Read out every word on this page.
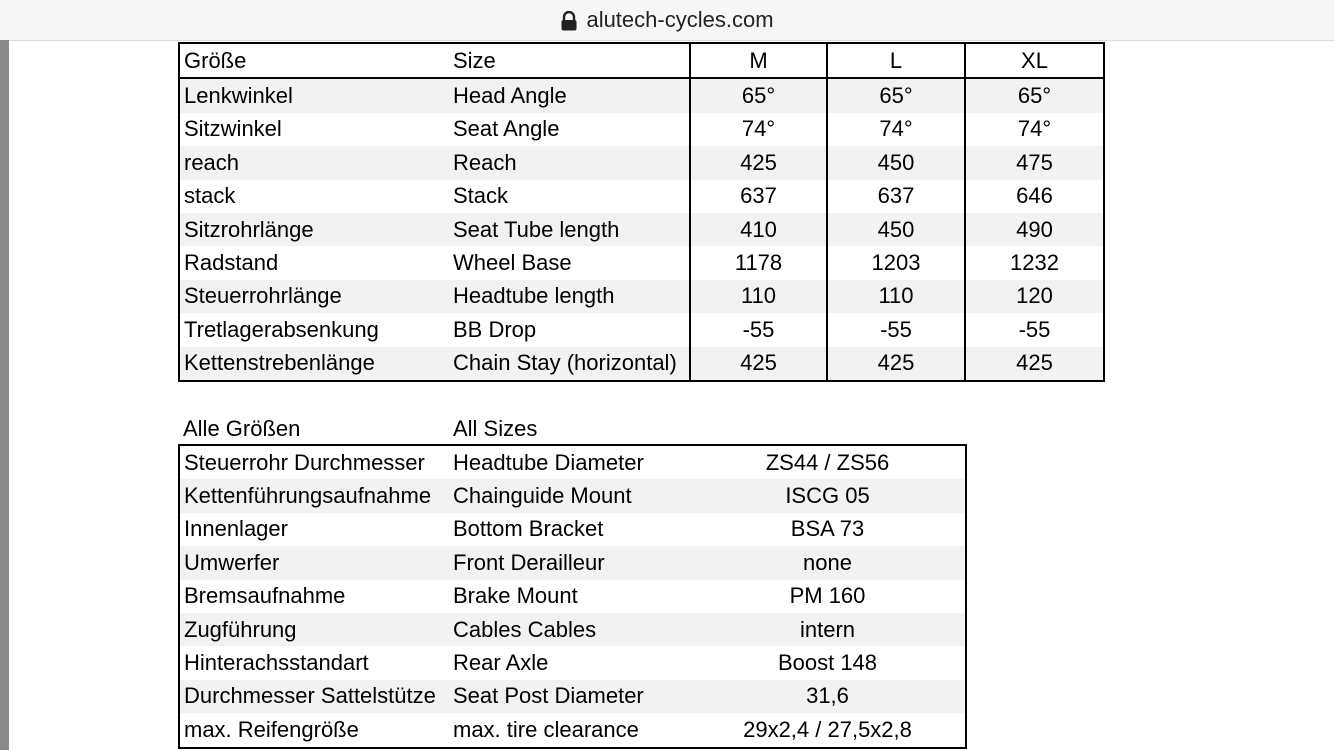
alutech-cycles.com
Größe	Size	M	L	XL
Lenkwinkel	Head Angle	65°	65°	65°
Sitzwinkel	Seat Angle	74°	74°	74°
reach	Reach	425	450	475
stack	Stack	637	637	646
Sitzrohrlänge	Seat Tube length	410	450	490
Radstand	Wheel Base	1178	1203	1232
Steuerrohrlänge	Headtube length	110	110	120
Tretlagerabsenkung	BB Drop	-55	-55	-55
Kettenstrebenlänge	Chain Stay (horizontal)	425	425	425
Alle Größen	All Sizes
Steuerrohr Durchmesser	Headtube Diameter	ZS44 / ZS56
Kettenführungsaufnahme	Chainguide Mount	ISCG 05
Innenlager	Bottom Bracket	BSA 73
Umwerfer	Front Derailleur	none
Bremsaufnahme	Brake Mount	PM 160
Zugführung	Cables Cables	intern
Hinterachsstandart	Rear Axle	Boost 148
Durchmesser Sattelstütze	Seat Post Diameter	31,6
max. Reifengröße	max. tire clearance	29x2,4 / 27,5x2,8
